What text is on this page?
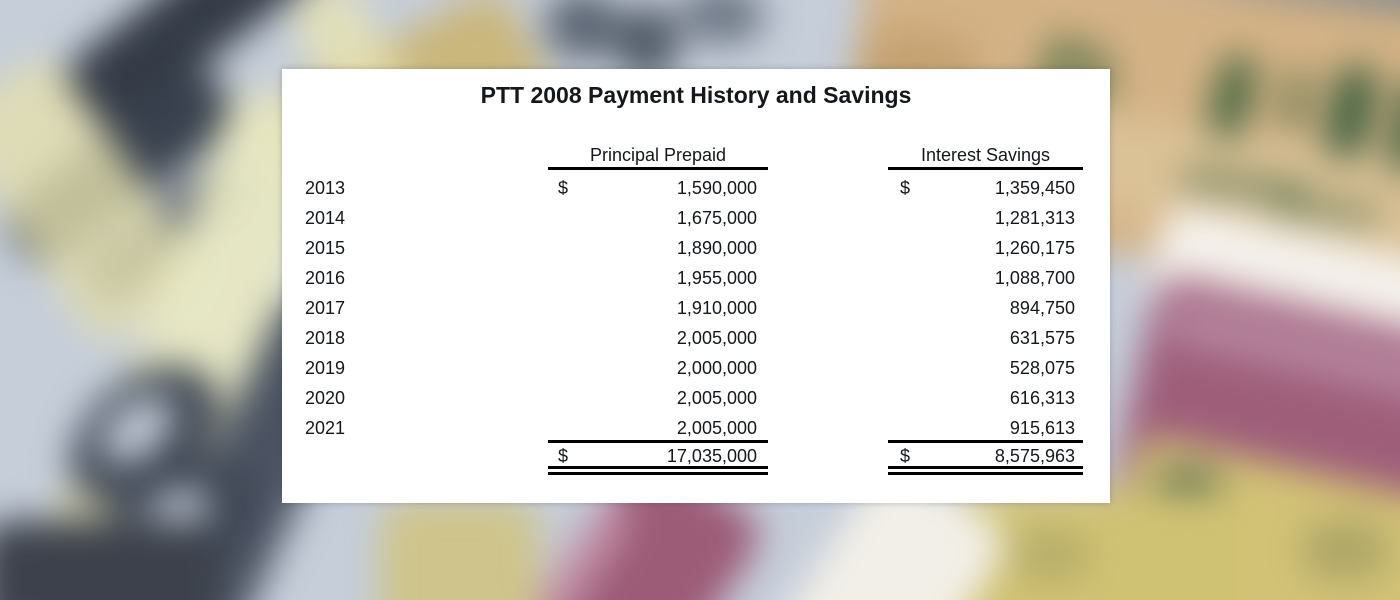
PTT 2008 Payment History and Savings
Principal Prepaid	Interest Savings
2013	$	1,590,000	$	1,359,450
2014	1,675,000	1,281,313
2015	1,890,000	1,260,175
2016	1,955,000	1,088,700
2017	1,910,000	894,750
2018	2,005,000	631,575
2019	2,000,000	528,075
2020	2,005,000	616,313
2021	2,005,000	915,613
$	17,035,000	$	8,575,963
